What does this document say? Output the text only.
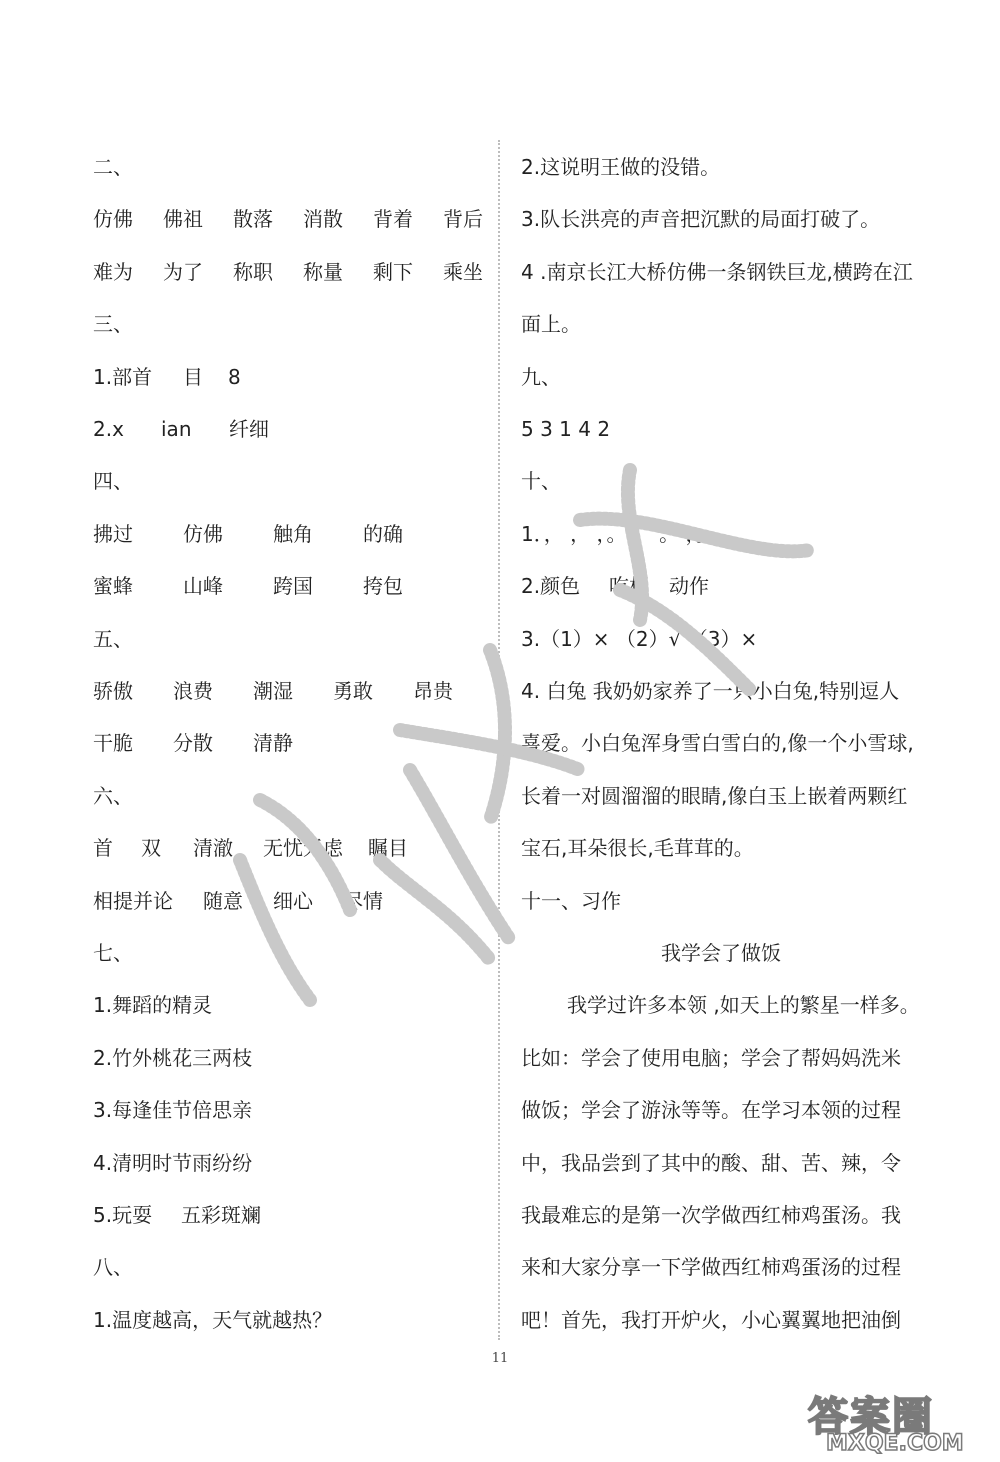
二、
仿佛	佛祖	散落	消散	背着	背后
难为	为了	称职	称量	剩下	乘坐
三、
1.部首	目	8
2.x	ian	纤细
四、
拂过	仿佛	触角	的确
蜜蜂	山峰	跨国	挎包
五、
骄傲	浪费	潮湿	勇敢	昂贵
干脆	分散	清静
六、
首	双	清澈	无忧无虑	瞩目
相提并论	随意	细心	尽情
七、
1.舞蹈的精灵
2.竹外桃花三两枝
3.每逢佳节倍思亲
4.清明时节雨纷纷
5.玩耍	五彩斑斓
八、
1.温度越高，天气就越热？
2.这说明王做的没错。
3.队长洪亮的声音把沉默的局面打破了。
4 .南京长江大桥仿佛一条钢铁巨龙,横跨在江
面上。
九、
5 3 1 4 2
十、
1．， ， ，。 ， 。 ，。
2.颜色	吃相	动作
3.（1）× （2）√ （3）×
4. 白兔 我奶奶家养了一只小白兔,特别逗人
喜爱。小白兔浑身雪白雪白的,像一个小雪球,
长着一对圆溜溜的眼睛,像白玉上嵌着两颗红
宝石,耳朵很长,毛茸茸的。
十一、习作
我学会了做饭
我学过许多本领 ,如天上的繁星一样多。
比如：学会了使用电脑；学会了帮妈妈洗米
做饭；学会了游泳等等。在学习本领的过程
中，我品尝到了其中的酸、甜、苦、辣，令
我最难忘的是第一次学做西红柿鸡蛋汤。我
来和大家分享一下学做西红柿鸡蛋汤的过程
吧！首先，我打开炉火，小心翼翼地把油倒
11
答案圈
MXQE.COM
